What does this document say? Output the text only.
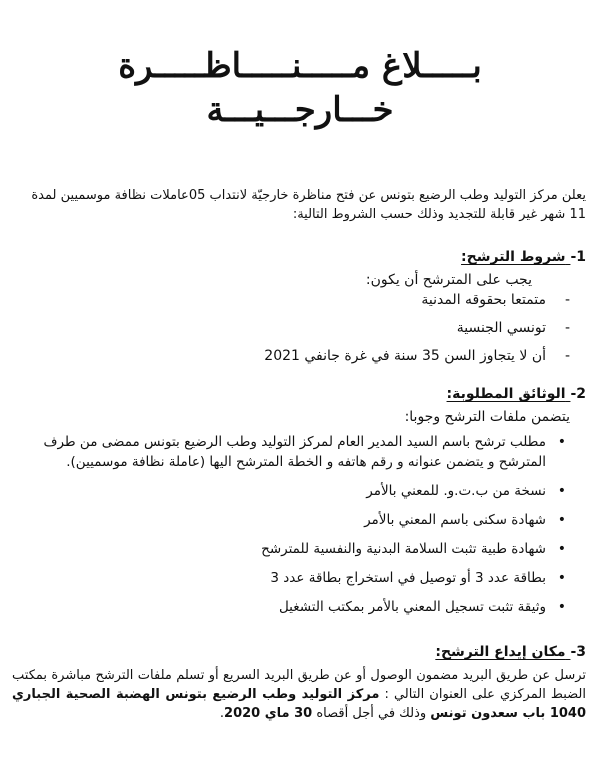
بـــــلاغ مـــــنـــــاظـــــرة
خـــارجـــيـــة
يعلن مركز التوليد وطب الرضيع بتونس عن فتح مناظرة خارجيّة لانتداب 05عاملات نظافة موسميين لمدة 11 شهر غير قابلة للتجديد وذلك حسب الشروط التالية:
1- شروط الترشح:
يجب على المترشح أن يكون:
-
متمتعا بحقوقه المدنية
-
تونسي الجنسية
-
أن لا يتجاوز السن 35 سنة في غرة جانفي 2021
2- الوثائق المطلوبة:
يتضمن ملفات الترشح وجوبا:
•
مطلب ترشح باسم السيد المدير العام لمركز التوليد وطب الرضيع بتونس ممضى من طرف المترشح و يتضمن عنوانه و رقم هاتفه و الخطة المترشح اليها (عاملة نظافة موسميين).
•
نسخة من ب.ت.و. للمعني بالأمر
•
شهادة سكنى باسم المعني بالأمر
•
شهادة طبية تثبت السلامة البدنية والنفسية للمترشح
•
بطاقة عدد 3 أو توصيل في استخراج بطاقة عدد 3
•
وثيقة تثبت تسجيل المعني بالأمر بمكتب التشغيل
3- مكان إيداع الترشح:
ترسل عن طريق البريد مضمون الوصول أو عن طريق البريد السريع أو تسلم ملفات الترشح مباشرة بمكتب الضبط المركزي على العنوان التالي : مركز التوليد وطب الرضيع بتونس الهضبة الصحية الجباري 1040 باب سعدون تونس وذلك في أجل أقصاه 30 ماي 2020.
